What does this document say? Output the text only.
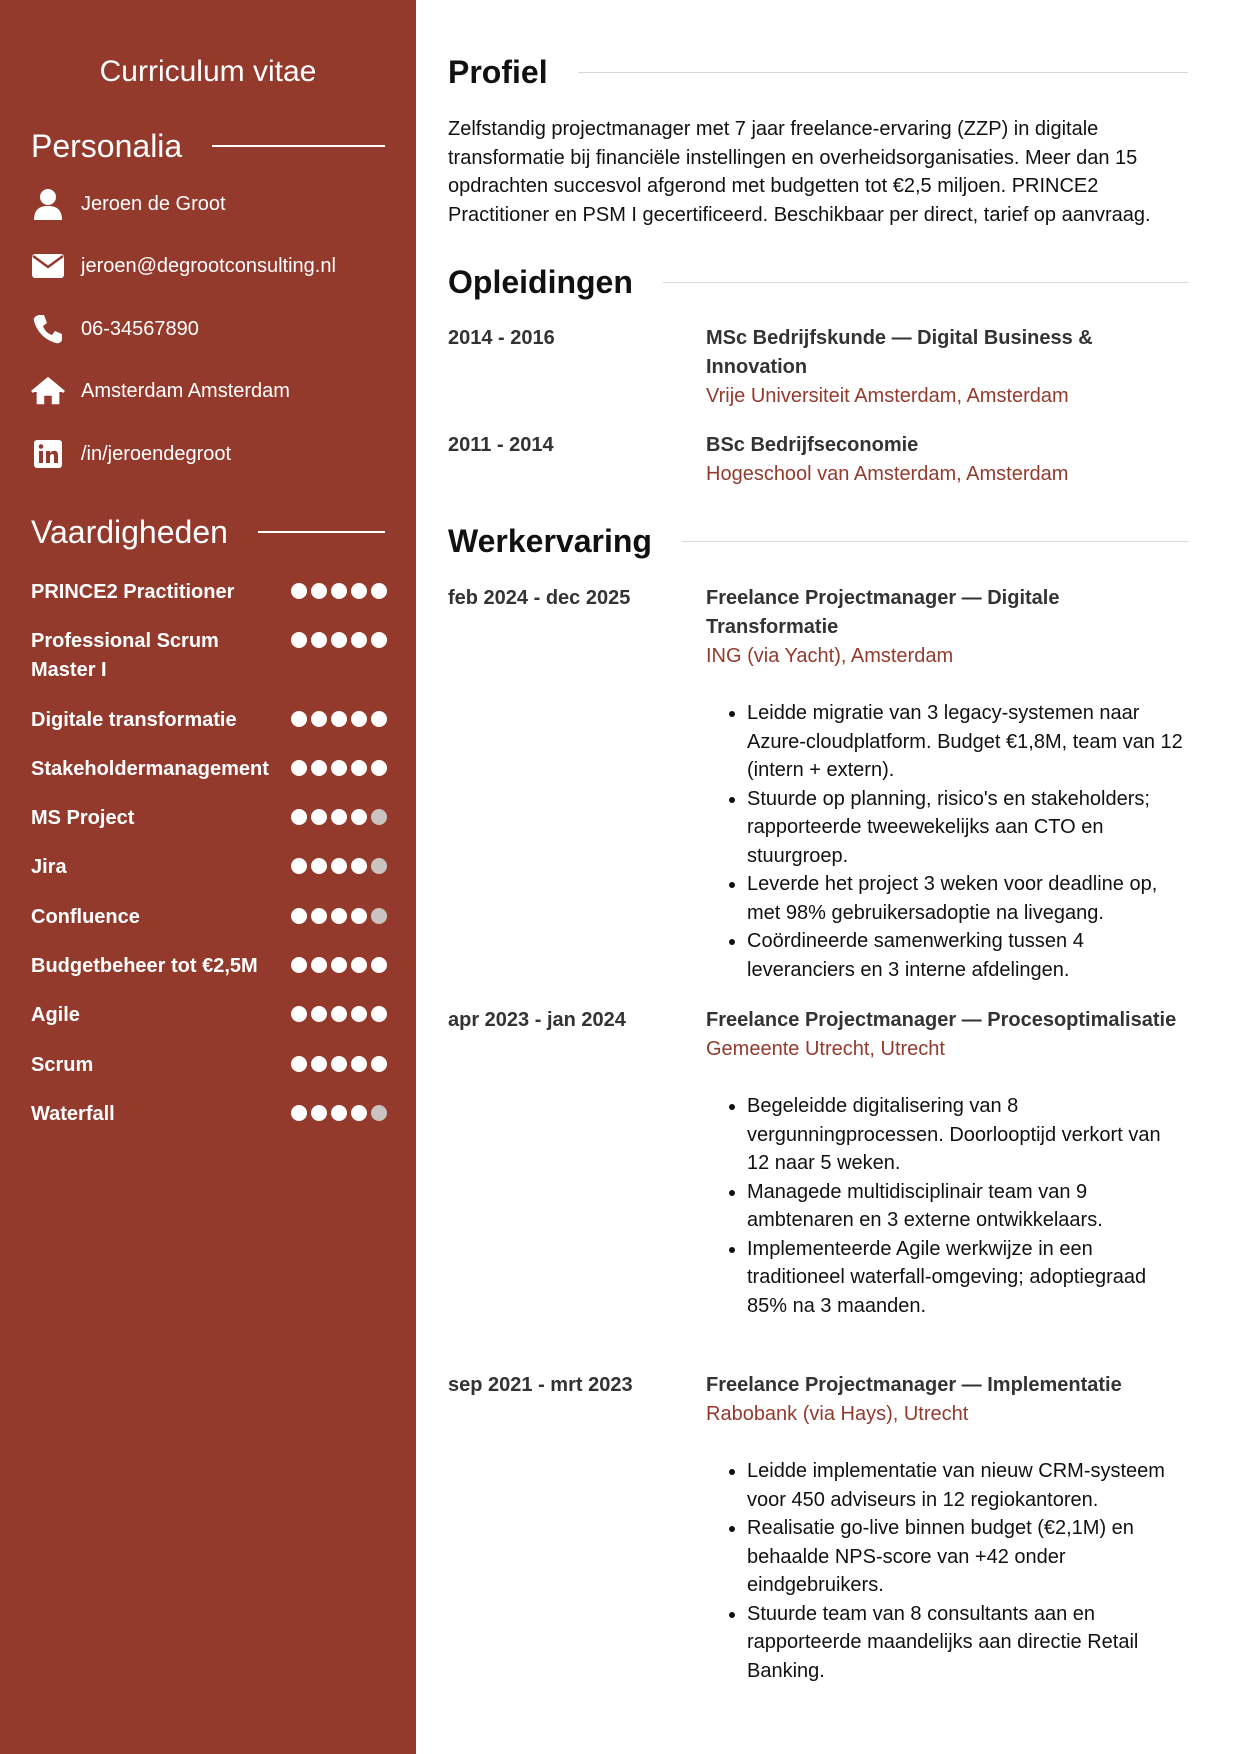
Curriculum vitae
Personalia
Jeroen de Groot
jeroen@degrootconsulting.nl
06-34567890
Amsterdam Amsterdam
/in/jeroendegroot
Vaardigheden
PRINCE2 Practitioner
Professional Scrum Master I
Digitale transformatie
Stakeholdermanagement
MS Project
Jira
Confluence
Budgetbeheer tot €2,5M
Agile
Scrum
Waterfall
Profiel
Zelfstandig projectmanager met 7 jaar freelance-ervaring (ZZP) in digitale transformatie bij financiële instellingen en overheidsorganisaties. Meer dan 15 opdrachten succesvol afgerond met budgetten tot €2,5 miljoen. PRINCE2 Practitioner en PSM I gecertificeerd. Beschikbaar per direct, tarief op aanvraag.
Opleidingen
2014 - 2016	MSc Bedrijfskunde — Digital Business & Innovation
Vrije Universiteit Amsterdam, Amsterdam
2011 - 2014	BSc Bedrijfseconomie
Hogeschool van Amsterdam, Amsterdam
Werkervaring
feb 2024 - dec 2025	Freelance Projectmanager — Digitale Transformatie
ING (via Yacht), Amsterdam
• Leidde migratie van 3 legacy-systemen naar Azure-cloudplatform. Budget €1,8M, team van 12 (intern + extern).
• Stuurde op planning, risico's en stakeholders; rapporteerde tweewekelijks aan CTO en stuurgroep.
• Leverde het project 3 weken voor deadline op, met 98% gebruikersadoptie na livegang.
• Coördineerde samenwerking tussen 4 leveranciers en 3 interne afdelingen.
apr 2023 - jan 2024	Freelance Projectmanager — Procesoptimalisatie
Gemeente Utrecht, Utrecht
• Begeleidde digitalisering van 8 vergunningprocessen. Doorlooptijd verkort van 12 naar 5 weken.
• Managede multidisciplinair team van 9 ambtenaren en 3 externe ontwikkelaars.
• Implementeerde Agile werkwijze in een traditioneel waterfall-omgeving; adoptiegraad 85% na 3 maanden.
sep 2021 - mrt 2023	Freelance Projectmanager — Implementatie
Rabobank (via Hays), Utrecht
• Leidde implementatie van nieuw CRM-systeem voor 450 adviseurs in 12 regiokantoren.
• Realisatie go-live binnen budget (€2,1M) en behaalde NPS-score van +42 onder eindgebruikers.
• Stuurde team van 8 consultants aan en rapporteerde maandelijks aan directie Retail Banking.
